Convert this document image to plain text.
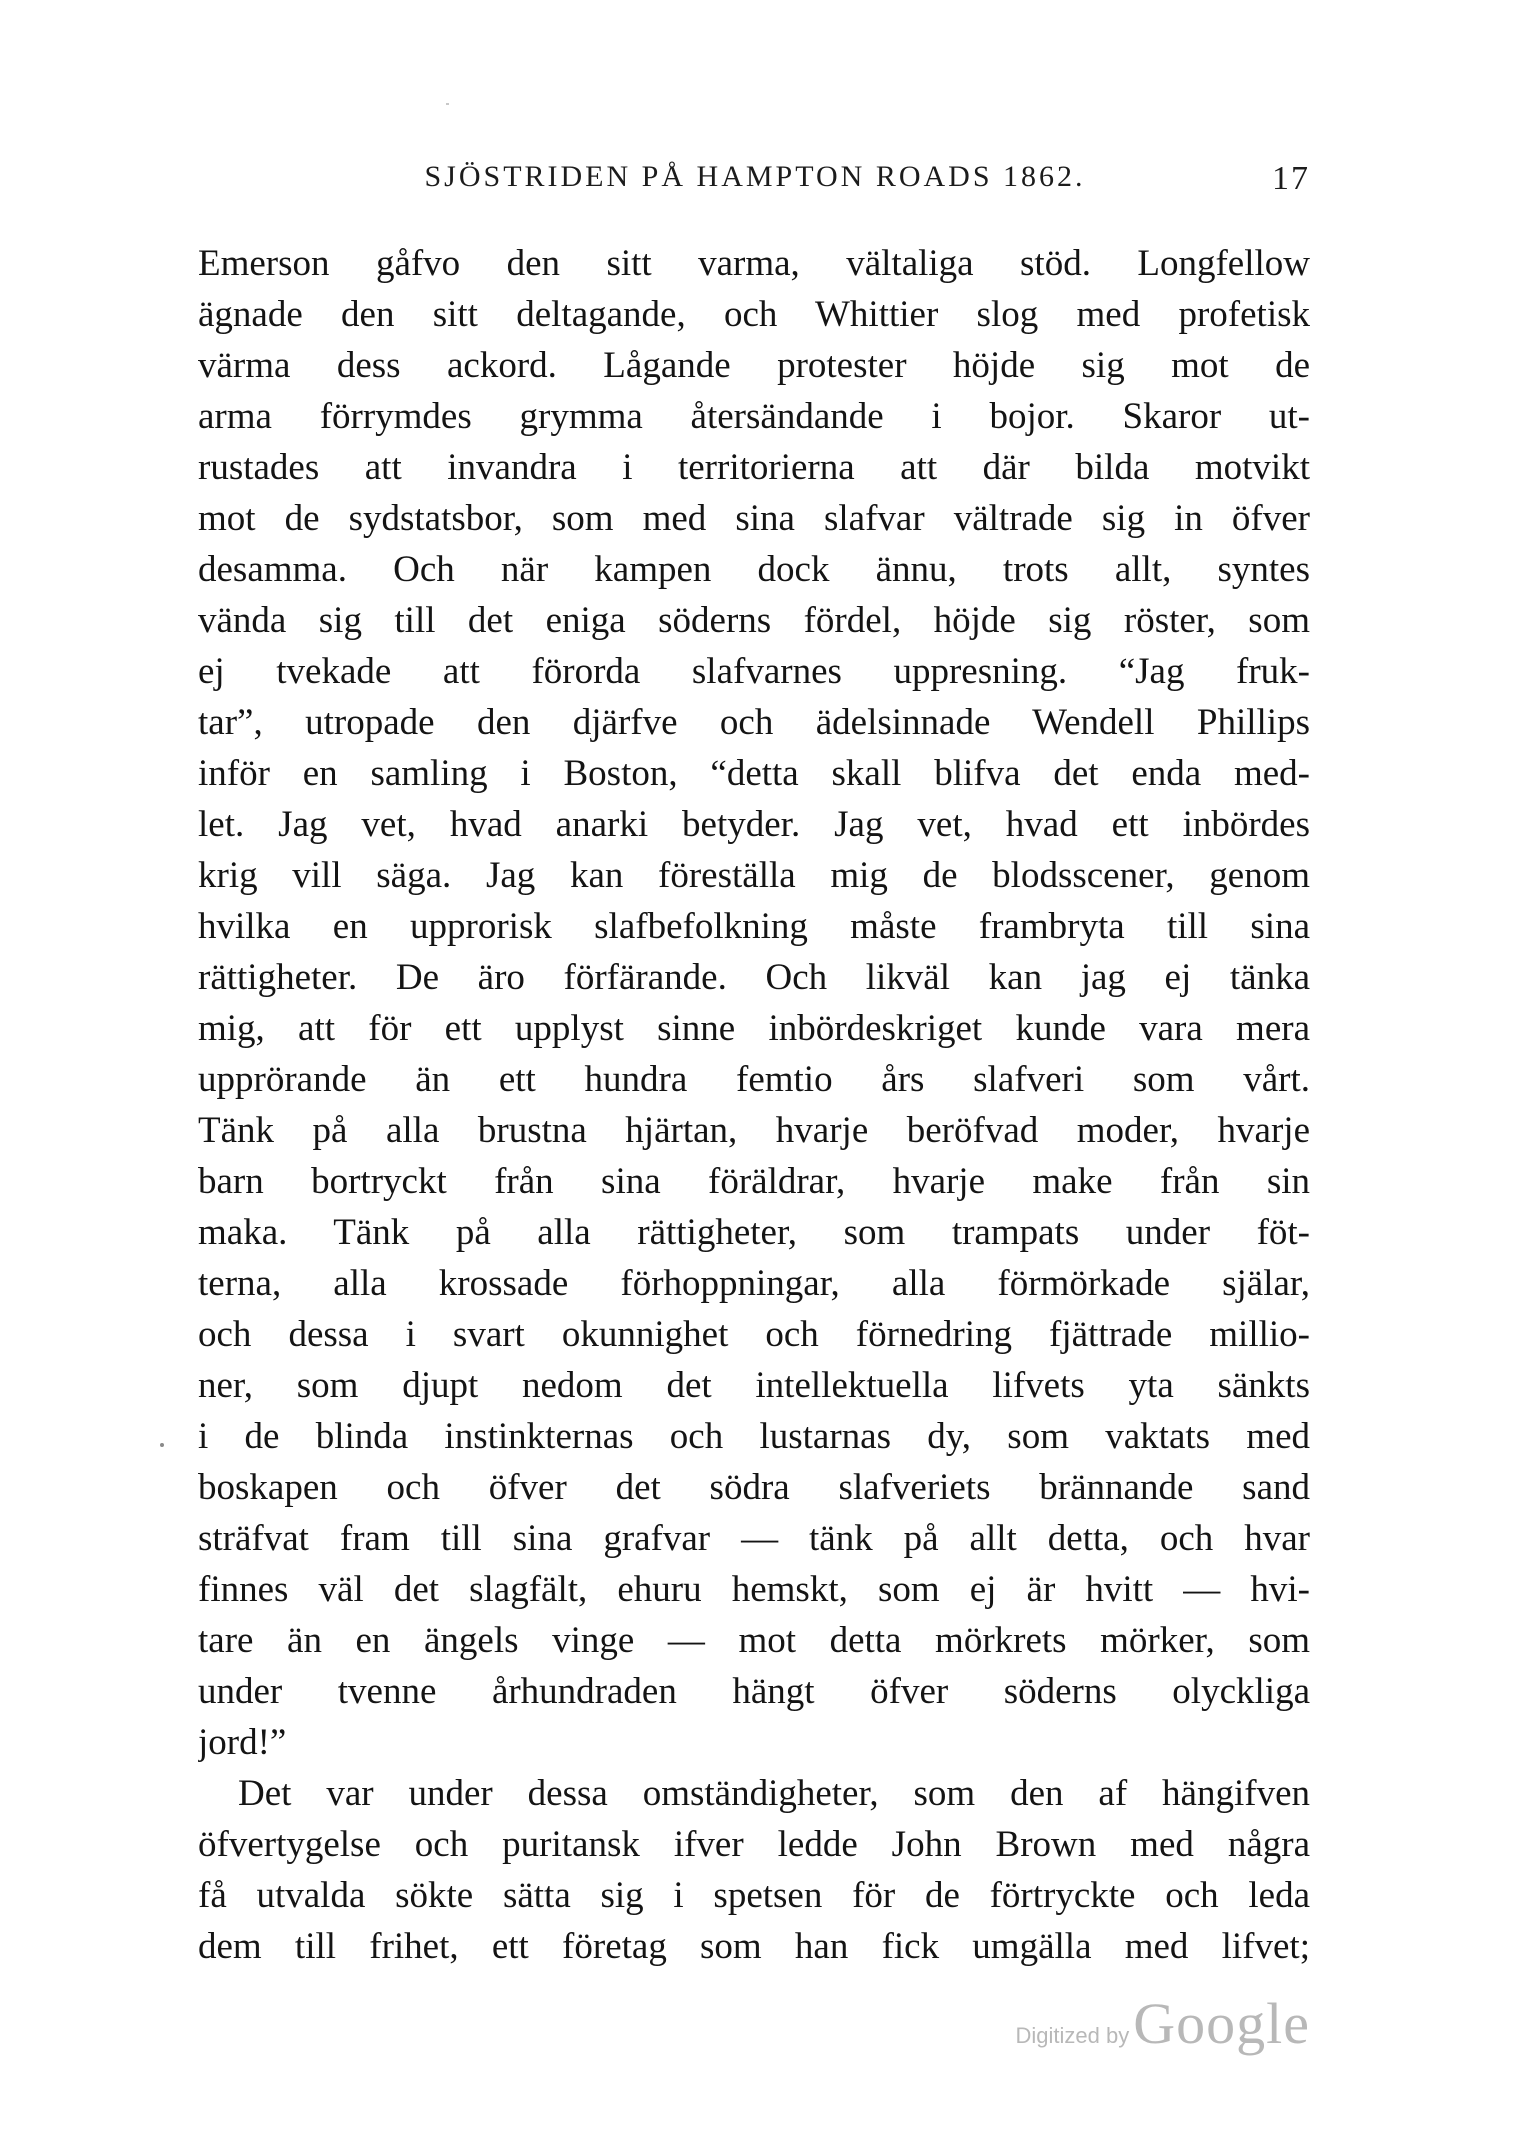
SJÖSTRIDEN PÅ HAMPTON ROADS 1862.	17
Emerson gåfvo den sitt varma, vältaliga stöd. Longfellow
ägnade den sitt deltagande, och Whittier slog med profetisk
värma dess ackord. Lågande protester höjde sig mot de
arma förrymdes grymma återsändande i bojor. Skaror ut-
rustades att invandra i territorierna att där bilda motvikt
mot de sydstatsbor, som med sina slafvar vältrade sig in öfver
desamma. Och när kampen dock ännu, trots allt, syntes
vända sig till det eniga söderns fördel, höjde sig röster, som
ej tvekade att förorda slafvarnes uppresning. “Jag fruk-
tar”, utropade den djärfve och ädelsinnade Wendell Phillips
inför en samling i Boston, “detta skall blifva det enda med-
let. Jag vet, hvad anarki betyder. Jag vet, hvad ett inbördes
krig vill säga. Jag kan föreställa mig de blodsscener, genom
hvilka en upprorisk slafbefolkning måste frambryta till sina
rättigheter. De äro förfärande. Och likväl kan jag ej tänka
mig, att för ett upplyst sinne inbördeskriget kunde vara mera
upprörande än ett hundra femtio års slafveri som vårt.
Tänk på alla brustna hjärtan, hvarje beröfvad moder, hvarje
barn bortryckt från sina föräldrar, hvarje make från sin
maka. Tänk på alla rättigheter, som trampats under föt-
terna, alla krossade förhoppningar, alla förmörkade själar,
och dessa i svart okunnighet och förnedring fjättrade millio-
ner, som djupt nedom det intellektuella lifvets yta sänkts
i de blinda instinkternas och lustarnas dy, som vaktats med
boskapen och öfver det södra slafveriets brännande sand
sträfvat fram till sina grafvar — tänk på allt detta, och hvar
finnes väl det slagfält, ehuru hemskt, som ej är hvitt — hvi-
tare än en ängels vinge — mot detta mörkrets mörker, som
under tvenne århundraden hängt öfver söderns olyckliga
jord!”
Det var under dessa omständigheter, som den af hängifven
öfvertygelse och puritansk ifver ledde John Brown med några
få utvalda sökte sätta sig i spetsen för de förtryckte och leda
dem till frihet, ett företag som han fick umgälla med lifvet;
Digitized by Google
